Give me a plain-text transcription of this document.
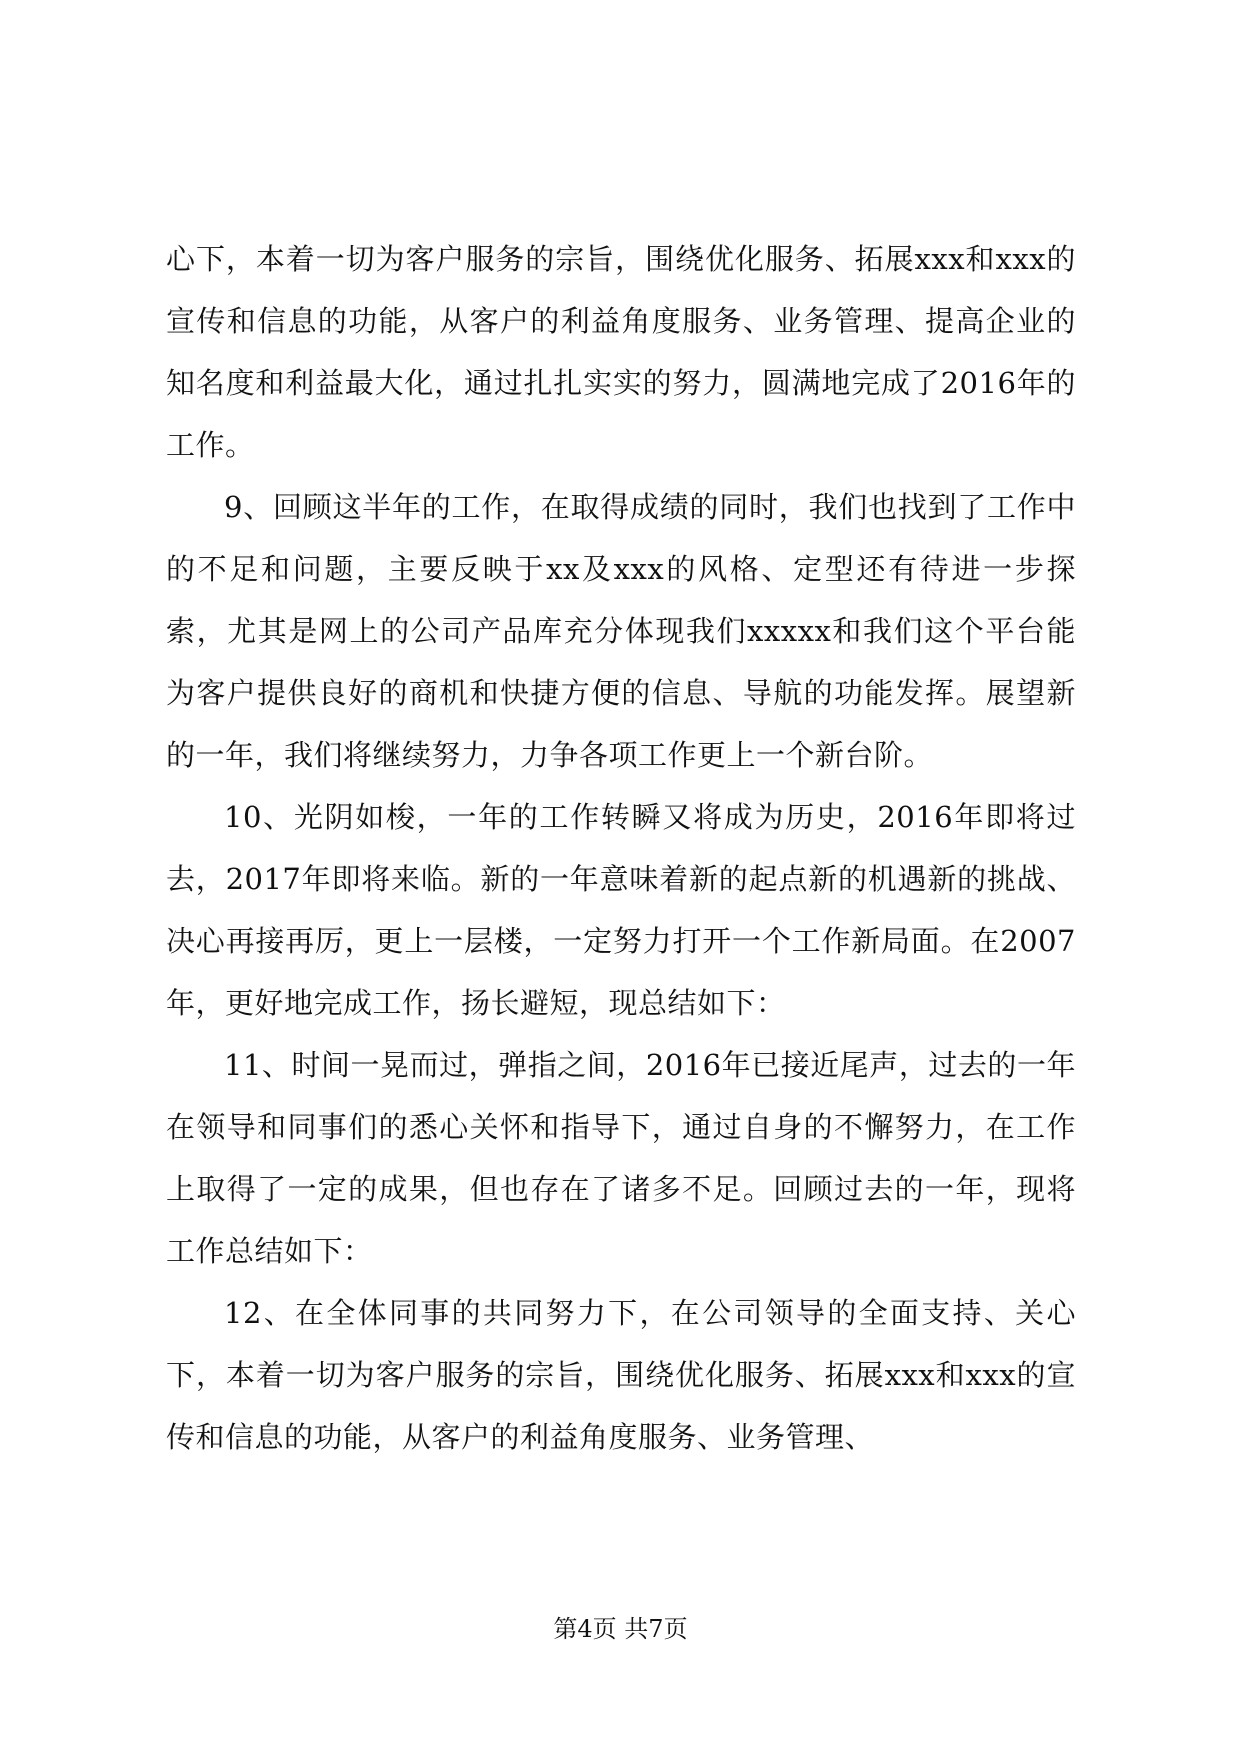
心下，本着一切为客户服务的宗旨，围绕优化服务、拓展xxx和xxx的宣传和信息的功能，从客户的利益角度服务、业务管理、提高企业的知名度和利益最大化，通过扎扎实实的努力，圆满地完成了2016年的工作。

9、回顾这半年的工作，在取得成绩的同时，我们也找到了工作中的不足和问题，主要反映于xx及xxx的风格、定型还有待进一步探索，尤其是网上的公司产品库充分体现我们xxxxx和我们这个平台能为客户提供良好的商机和快捷方便的信息、导航的功能发挥。展望新的一年，我们将继续努力，力争各项工作更上一个新台阶。

10、光阴如梭，一年的工作转瞬又将成为历史，2016年即将过去，2017年即将来临。新的一年意味着新的起点新的机遇新的挑战、决心再接再厉，更上一层楼，一定努力打开一个工作新局面。在2007年，更好地完成工作，扬长避短，现总结如下：

11、时间一晃而过，弹指之间，2016年已接近尾声，过去的一年在领导和同事们的悉心关怀和指导下，通过自身的不懈努力，在工作上取得了一定的成果，但也存在了诸多不足。回顾过去的一年，现将工作总结如下：

12、在全体同事的共同努力下，在公司领导的全面支持、关心下，本着一切为客户服务的宗旨，围绕优化服务、拓展xxx和xxx的宣传和信息的功能，从客户的利益角度服务、业务管理、

第4页 共7页
